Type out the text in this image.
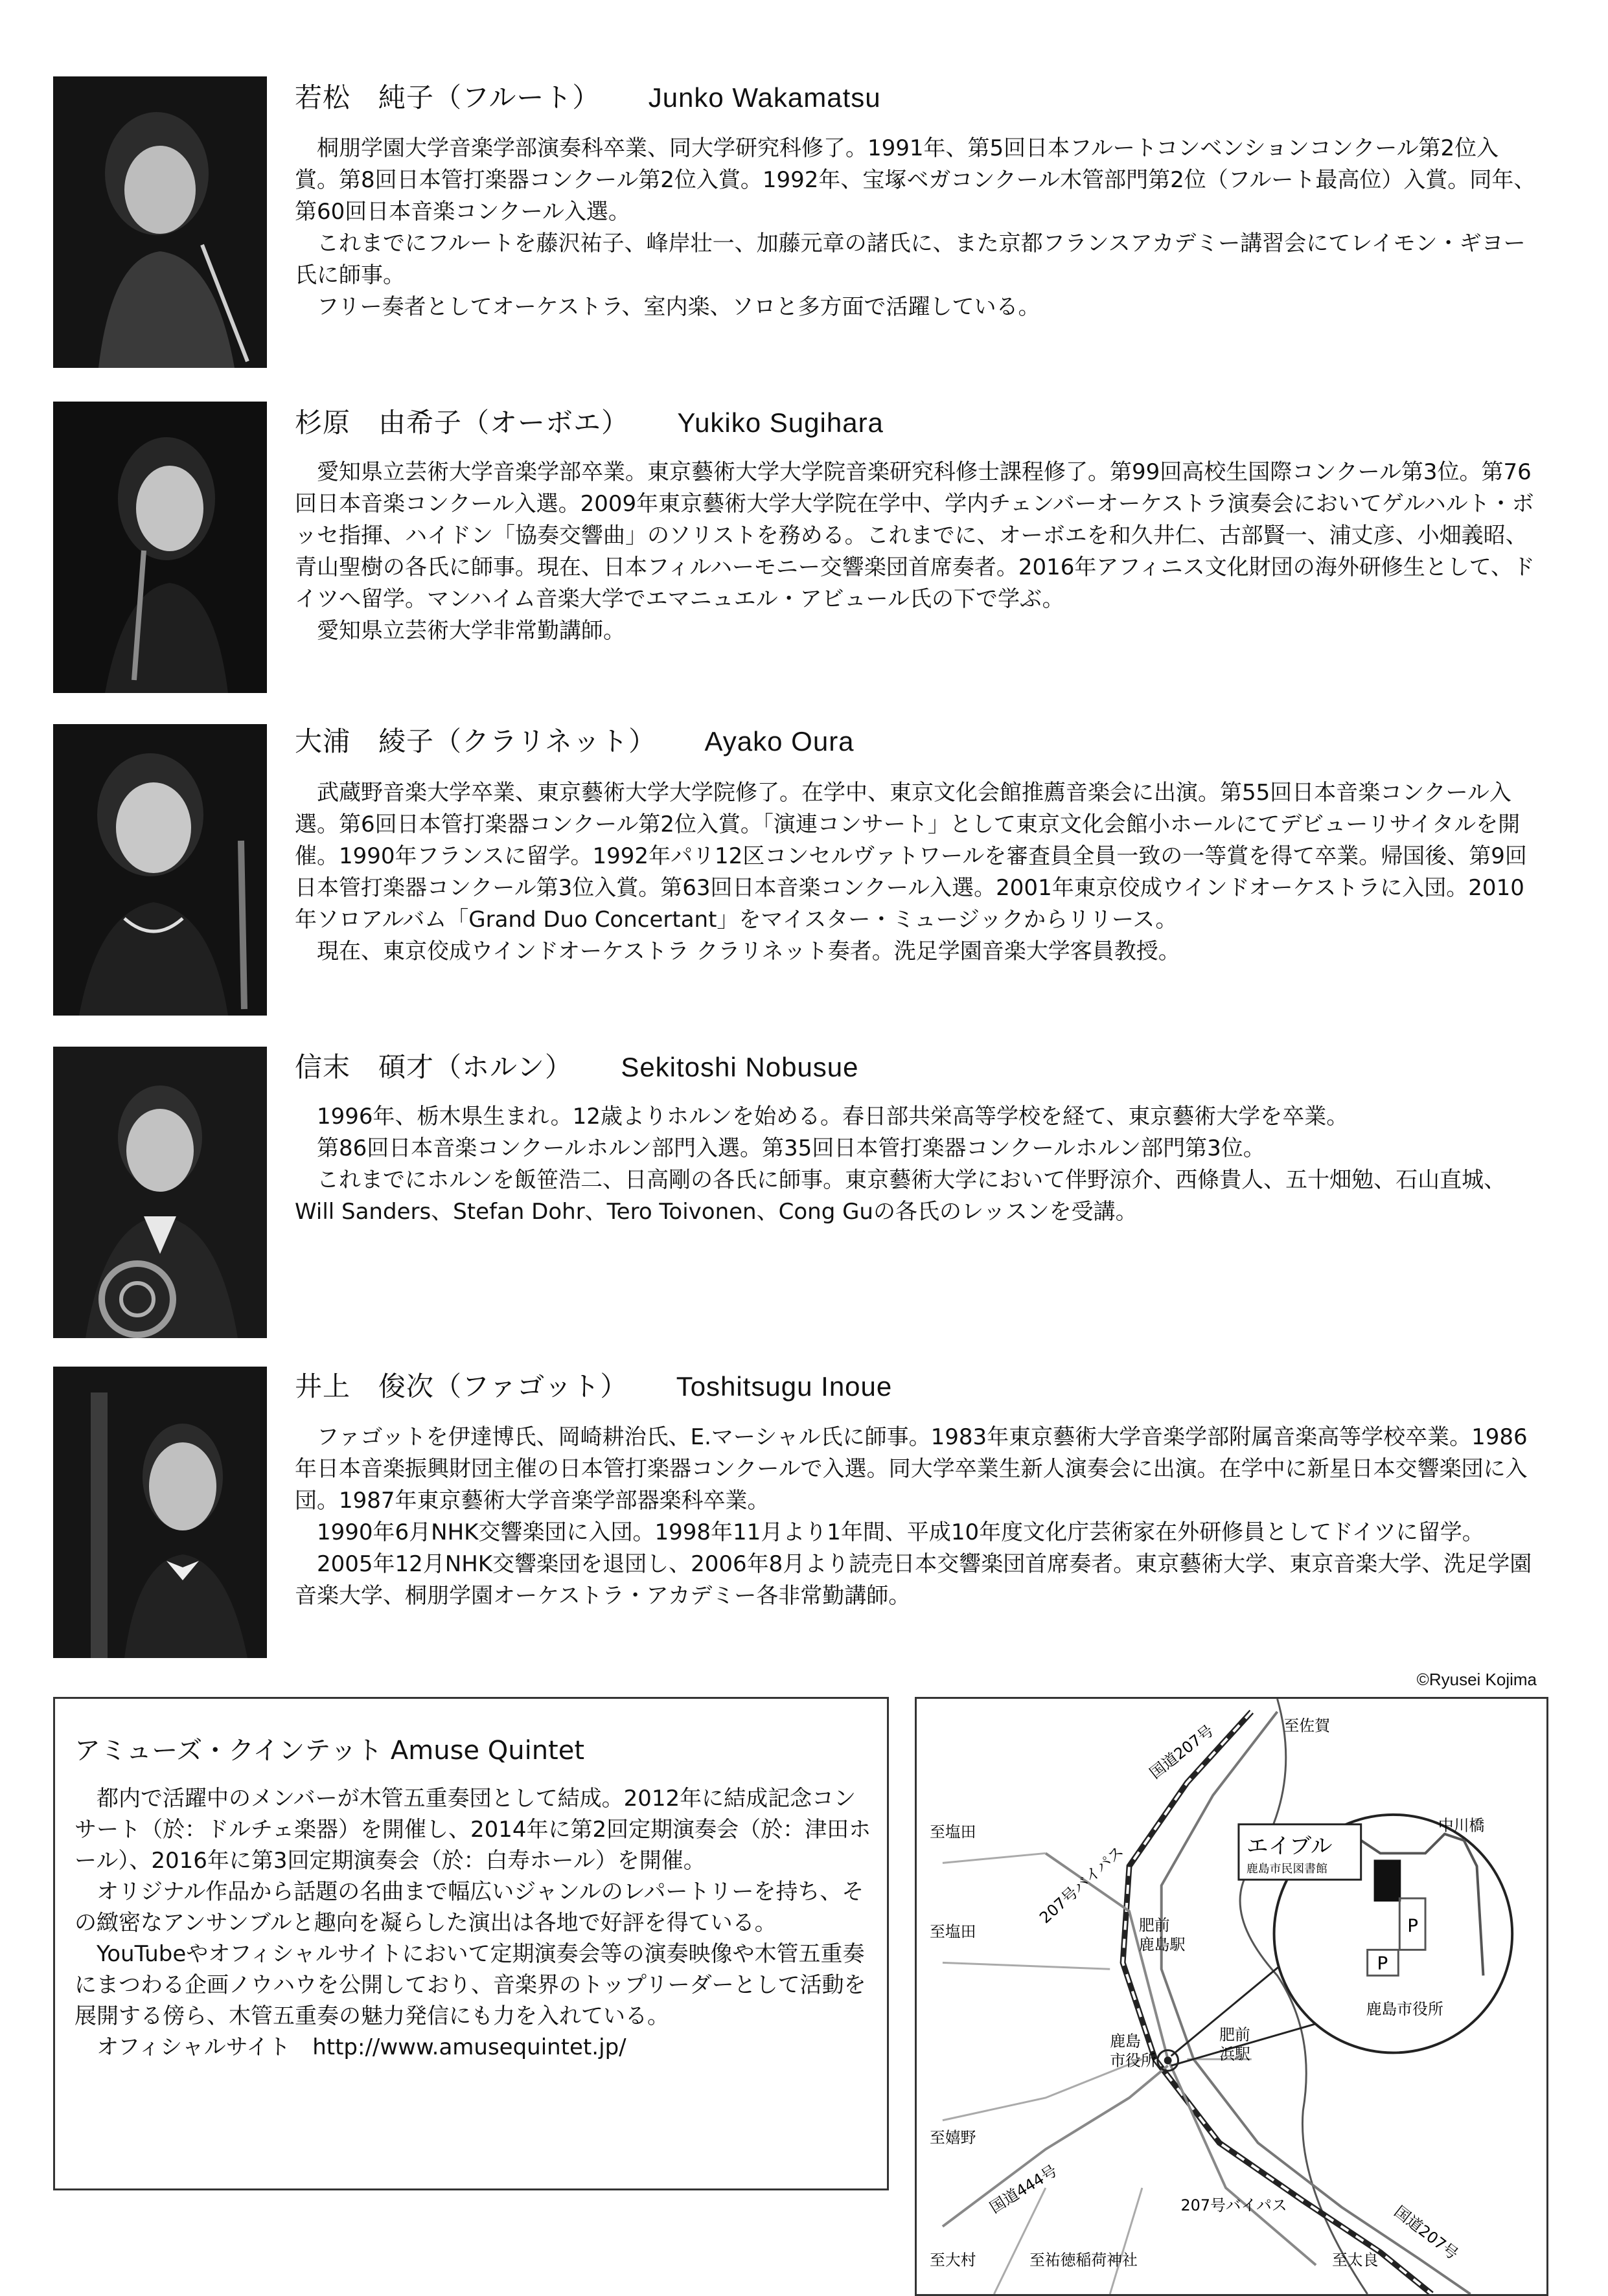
若松　純子（フルート） Junko Wakamatsu

桐朋学園大学音楽学部演奏科卒業、同大学研究科修了。1991年、第5回日本フルートコンベンションコンクール第2位入賞。第8回日本管打楽器コンクール第2位入賞。1992年、宝塚ベガコンクール木管部門第2位（フルート最高位）入賞。同年、第60回日本音楽コンクール入選。

これまでにフルートを藤沢祐子、峰岸壮一、加藤元章の諸氏に、また京都フランスアカデミー講習会にてレイモン・ギヨー氏に師事。

フリー奏者としてオーケストラ、室内楽、ソロと多方面で活躍している。

杉原　由希子（オーボエ） Yukiko Sugihara

愛知県立芸術大学音楽学部卒業。東京藝術大学大学院音楽研究科修士課程修了。第99回高校生国際コンクール第3位。第76回日本音楽コンクール入選。2009年東京藝術大学大学院在学中、学内チェンバーオーケストラ演奏会においてゲルハルト・ボッセ指揮、ハイドン「協奏交響曲」のソリストを務める。これまでに、オーボエを和久井仁、古部賢一、浦丈彦、小畑義昭、青山聖樹の各氏に師事。現在、日本フィルハーモニー交響楽団首席奏者。2016年アフィニス文化財団の海外研修生として、ドイツへ留学。マンハイム音楽大学でエマニュエル・アビュール氏の下で学ぶ。

愛知県立芸術大学非常勤講師。

大浦　綾子（クラリネット） Ayako Oura

武蔵野音楽大学卒業、東京藝術大学大学院修了。在学中、東京文化会館推薦音楽会に出演。第55回日本音楽コンクール入選。第6回日本管打楽器コンクール第2位入賞。「演連コンサート」として東京文化会館小ホールにてデビューリサイタルを開催。1990年フランスに留学。1992年パリ12区コンセルヴァトワールを審査員全員一致の一等賞を得て卒業。帰国後、第9回日本管打楽器コンクール第3位入賞。第63回日本音楽コンクール入選。2001年東京佼成ウインドオーケストラに入団。2010年ソロアルバム「Grand Duo Concertant」をマイスター・ミュージックからリリース。

現在、東京佼成ウインドオーケストラ クラリネット奏者。洗足学園音楽大学客員教授。

信末　碩才（ホルン） Sekitoshi Nobusue

1996年、栃木県生まれ。12歳よりホルンを始める。春日部共栄高等学校を経て、東京藝術大学を卒業。

第86回日本音楽コンクールホルン部門入選。第35回日本管打楽器コンクールホルン部門第3位。

これまでにホルンを飯笹浩二、日高剛の各氏に師事。東京藝術大学において伴野涼介、西條貴人、五十畑勉、石山直城、Will Sanders、Stefan Dohr、Tero Toivonen、Cong Guの各氏のレッスンを受講。

井上　俊次（ファゴット） Toshitsugu Inoue

ファゴットを伊達博氏、岡崎耕治氏、E.マーシャル氏に師事。1983年東京藝術大学音楽学部附属音楽高等学校卒業。1986年日本音楽振興財団主催の日本管打楽器コンクールで入選。同大学卒業生新人演奏会に出演。在学中に新星日本交響楽団に入団。1987年東京藝術大学音楽学部器楽科卒業。

1990年6月NHK交響楽団に入団。1998年11月より1年間、平成10年度文化庁芸術家在外研修員としてドイツに留学。

2005年12月NHK交響楽団を退団し、2006年8月より読売日本交響楽団首席奏者。東京藝術大学、東京音楽大学、洗足学園音楽大学、桐朋学園オーケストラ・アカデミー各非常勤講師。

©Ryusei Kojima
アミューズ・クインテット Amuse Quintet

都内で活躍中のメンバーが木管五重奏団として結成。2012年に結成記念コンサート（於：ドルチェ楽器）を開催し、2014年に第2回定期演奏会（於：津田ホール）、2016年に第3回定期演奏会（於：白寿ホール）を開催。

オリジナル作品から話題の名曲まで幅広いジャンルのレパートリーを持ち、その緻密なアンサンブルと趣向を凝らした演出は各地で好評を得ている。

YouTubeやオフィシャルサイトにおいて定期演奏会等の演奏映像や木管五重奏にまつわる企画ノウハウを公開しており、音楽界のトップリーダーとして活動を展開する傍ら、木管五重奏の魅力発信にも力を入れている。

オフィシャルサイト　http://www.amusequintet.jp/

P
P
エイブル
鹿島市民図書館
中川橋
鹿島市役所
至佐賀
国道207号
至塩田
至塩田
207号バイパス 肥前
鹿島駅
鹿島
市役所
肥前
浜駅
至嬉野
国道444号	207号バイパス	国道207号
至大村	至祐徳稲荷神社	至太良
